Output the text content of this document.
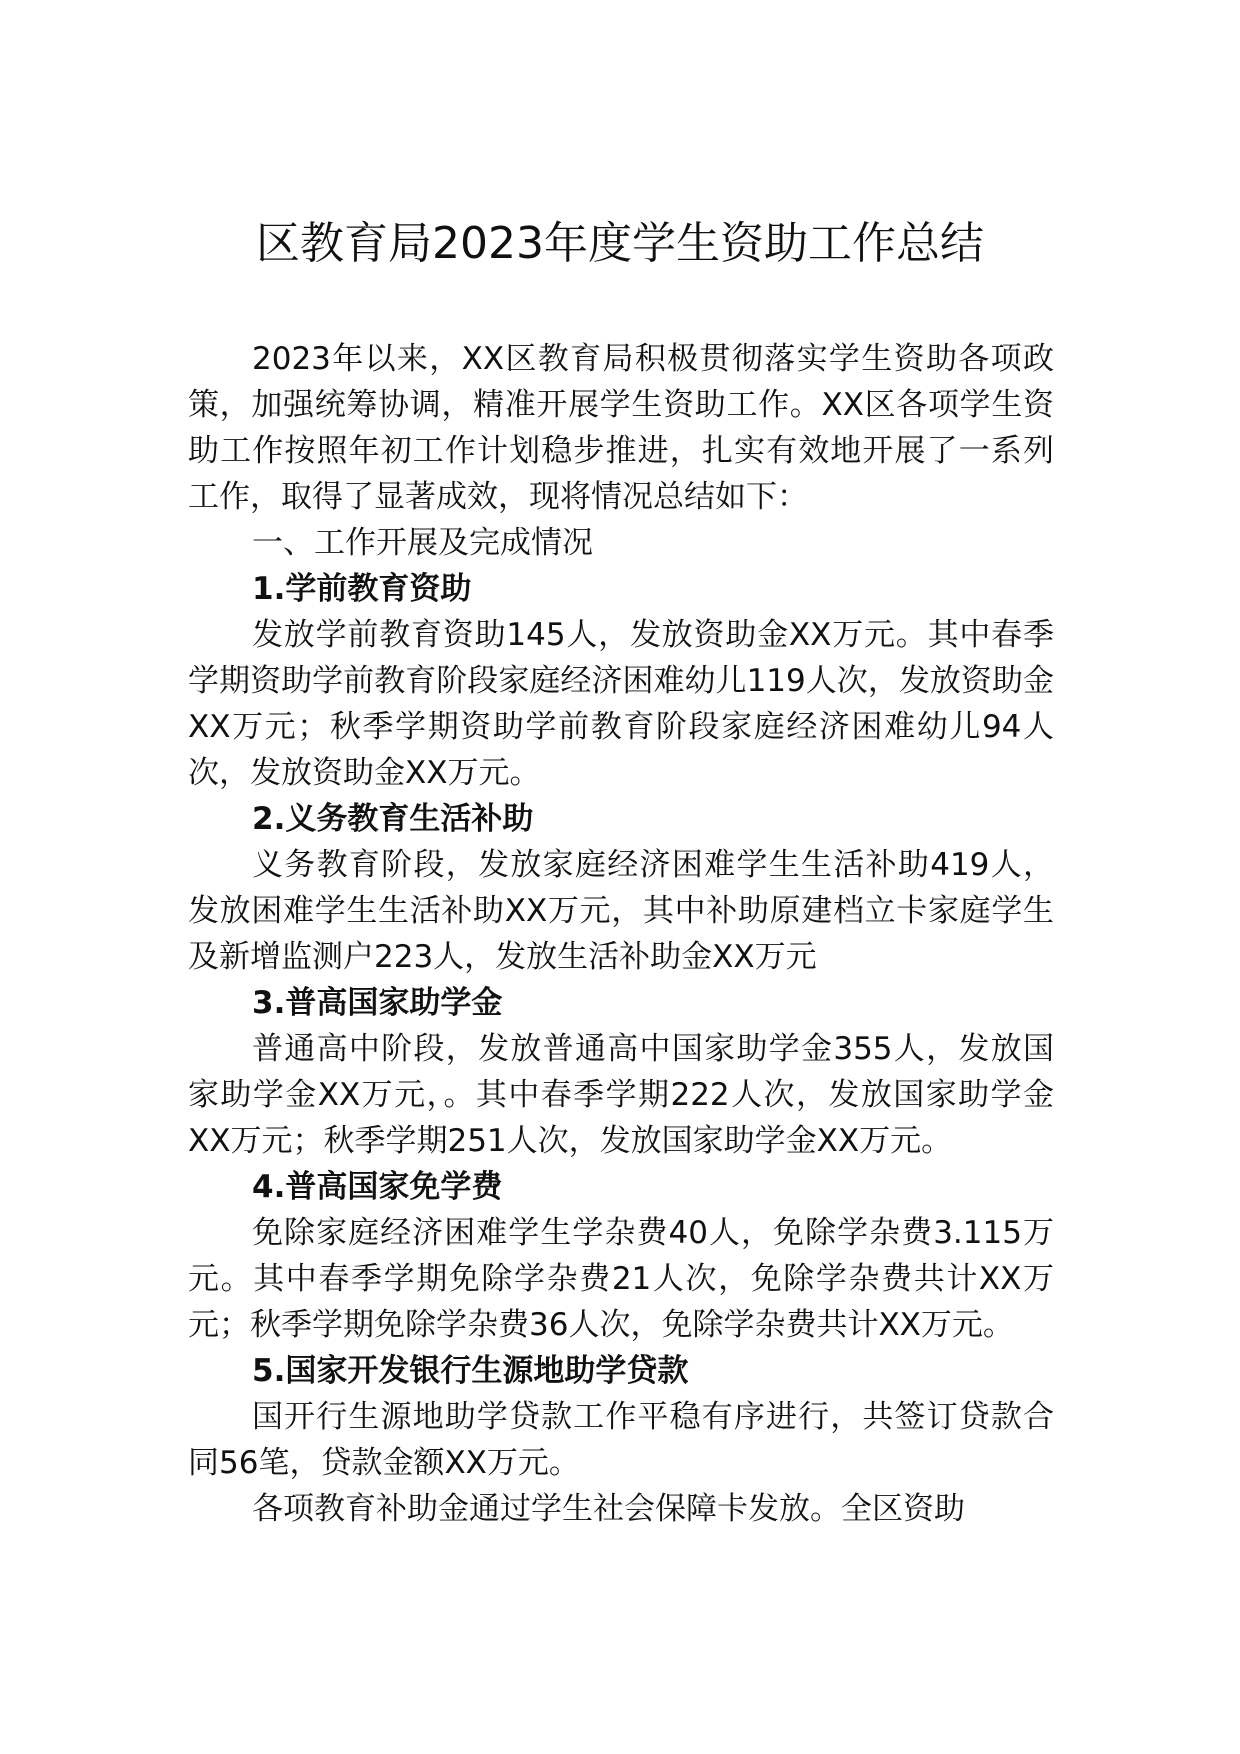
区教育局2023年度学生资助工作总结

2023年以来，XX区教育局积极贯彻落实学生资助各项政策，加强统筹协调，精准开展学生资助工作。XX区各项学生资助工作按照年初工作计划稳步推进，扎实有效地开展了一系列工作，取得了显著成效，现将情况总结如下：

一、工作开展及完成情况

1.学前教育资助

发放学前教育资助145人，发放资助金XX万元。其中春季学期资助学前教育阶段家庭经济困难幼儿119人次，发放资助金XX万元；秋季学期资助学前教育阶段家庭经济困难幼儿94人次，发放资助金XX万元。

2.义务教育生活补助

义务教育阶段，发放家庭经济困难学生生活补助419人，发放困难学生生活补助XX万元，其中补助原建档立卡家庭学生及新增监测户223人，发放生活补助金XX万元

3.普高国家助学金

普通高中阶段，发放普通高中国家助学金355人，发放国家助学金XX万元，。其中春季学期222人次，发放国家助学金XX万元；秋季学期251人次，发放国家助学金XX万元。

4.普高国家免学费

免除家庭经济困难学生学杂费40人，免除学杂费3.115万元。其中春季学期免除学杂费21人次，免除学杂费共计XX万元；秋季学期免除学杂费36人次，免除学杂费共计XX万元。

5.国家开发银行生源地助学贷款

国开行生源地助学贷款工作平稳有序进行，共签订贷款合同56笔，贷款金额XX万元。

各项教育补助金通过学生社会保障卡发放。全区资助
